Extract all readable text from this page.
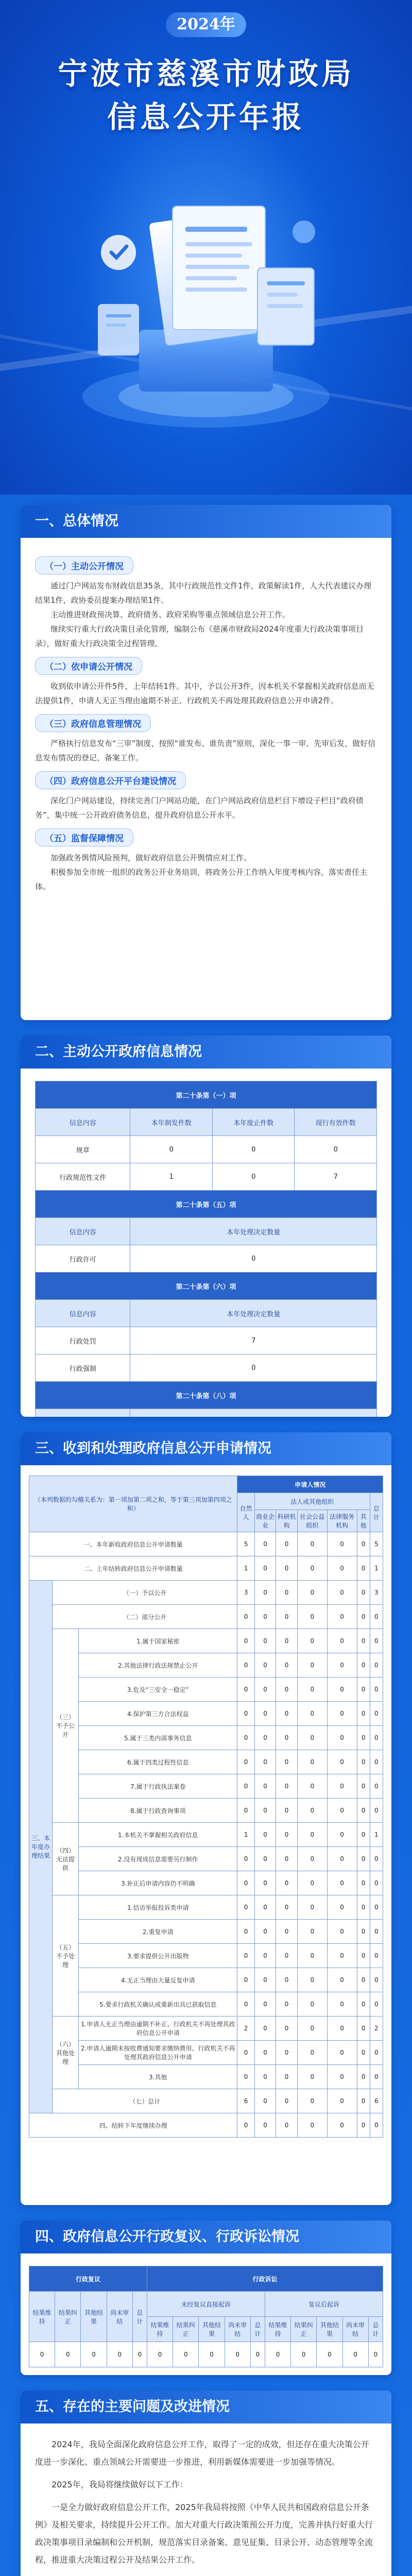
2024年
宁波市慈溪市财政局
信息公开年报
一、总体情况
（一）主动公开情况

通过门户网站发布财政信息35条，其中行政规范性文件1件，政策解读1件，人大代表建议办理结果1件，政协委员提案办理结果1件。

主动推进财政预决算、政府债务、政府采购等重点领域信息公开工作。

继续实行重大行政决策目录化管理，编制公布《慈溪市财政局2024年度重大行政决策事项目录》，做好重大行政决策全过程管理。

（二）依申请公开情况

收到依申请公开件5件，上年结转1件。其中，予以公开3件，因本机关不掌握相关政府信息而无法提供1件，申请人无正当理由逾期不补正、行政机关不再处理其政府信息公开申请2件。

（三）政府信息管理情况

严格执行信息发布“三审”制度，按照“谁发布、谁负责”原则，深化一事一审、先审后发，做好信息发布情况的登记、备案工作。

（四）政府信息公开平台建设情况

深化门户网站建设，持续完善门户网站功能，在门户网站政府信息栏目下增设子栏目“政府债务”，集中统一公开政府债务信息，提升政府信息公开水平。

（五）监督保障情况

加强政务舆情风险预判，做好政府信息公开舆情应对工作。

积极参加全市统一组织的政务公开业务培训，将政务公开工作纳入年度考核内容，落实责任主体。

二、主动公开政府信息情况
第二十条第（一）项			
信息内容	本年制发件数	本年废止件数	现行有效件数
规章	0	0	0
行政规范性文件	1	0	7
第二十条第（五）项			
信息内容	本年处理决定数量		
行政许可	0		
第二十条第（六）项			
信息内容	本年处理决定数量		
行政处罚	7		
行政强制	0		
第二十条第（八）项			

三、收到和处理政府信息公开申请情况
（本列数据的勾稽关系为：第一项加第二项之和，等于第三项加第四项之和）			申请人情况						
			自然人	法人或其他组织					总计
				商业企业	科研机构	社会公益组织	法律服务机构	其他	
一、本年新收政府信息公开申请数量			5	0	0	0	0	0	5
二、上年结转政府信息公开申请数量			1	0	0	0	0	0	1
三、本年度办理结果	（一）予以公开		3	0	0	0	0	0	3
	（二）部分公开		0	0	0	0	0	0	0
	（三）不予公开	1.属于国家秘密	0	0	0	0	0	0	0
		2.其他法律行政法规禁止公开	0	0	0	0	0	0	0
		3.危及“三安全一稳定”	0	0	0	0	0	0	0
		4.保护第三方合法权益	0	0	0	0	0	0	0
		5.属于三类内部事务信息	0	0	0	0	0	0	0
		6.属于四类过程性信息	0	0	0	0	0	0	0
		7.属于行政执法案卷	0	0	0	0	0	0	0
		8.属于行政查询事项	0	0	0	0	0	0	0
	（四）无法提供	1.本机关不掌握相关政府信息	1	0	0	0	0	0	1
		2.没有现成信息需要另行制作	0	0	0	0	0	0	0
		3.补正后申请内容仍不明确	0	0	0	0	0	0	0
	（五）不予处理	1.信访举报投诉类申请	0	0	0	0	0	0	0
		2.重复申请	0	0	0	0	0	0	0
		3.要求提供公开出版物	0	0	0	0	0	0	0
		4.无正当理由大量反复申请	0	0	0	0	0	0	0
		5.要求行政机关确认或重新出具已获取信息	0	0	0	0	0	0	0
	（六）其他处理	1.申请人无正当理由逾期不补正、行政机关不再处理其政府信息公开申请	2	0	0	0	0	0	2
		2.申请人逾期未按收费通知要求缴纳费用、行政机关不再处理其政府信息公开申请	0	0	0	0	0	0	0
		3.其他	0	0	0	0	0	0	0
	（七）总计		6	0	0	0	0	0	6
四、结转下年度继续办理			0	0	0	0	0	0	0
四、政府信息公开行政复议、行政诉讼情况
行政复议					行政诉讼									
结果维持	结果纠正	其他结果	尚未审结	总计	未经复议直接起诉					复议后起诉				
					结果维持	结果纠正	其他结果	尚未审结	总计	结果维持	结果纠正	其他结果	尚未审结	总计
0	0	0	0	0	0	0	0	0	0	0	0	0	0	0
五、存在的主要问题及改进情况

2024年，我局全面深化政府信息公开工作，取得了一定的成效，但还存在重大决策公开度进一步深化、重点领域公开需要进一步推进，利用新媒体需要进一步加强等情况。

2025年，我局将继续做好以下工作：

一是全力做好政府信息公开工作，2025年我局将按照《中华人民共和国政府信息公开条例》及相关要求，持续提升公开工作。加大对重大行政决策预公开力度，完善并执行好重大行政决策事项目录编制和公开机制，规范落实目录备案、意见征集、目录公开、动态管理等全流程，推进重大决策过程公开及结果公开工作。
